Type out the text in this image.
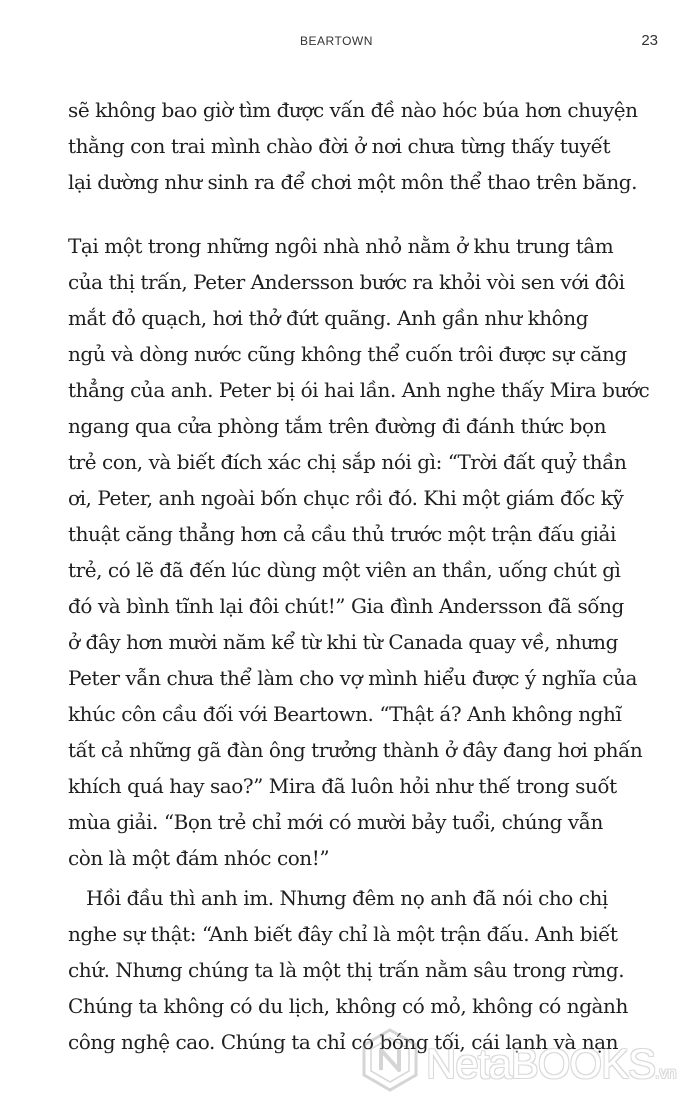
BEARTOWN	23
sẽ không bao giờ tìm được vấn đề nào hóc búa hơn chuyện
thằng con trai mình chào đời ở nơi chưa từng thấy tuyết
lại dường như sinh ra để chơi một môn thể thao trên băng.
Tại một trong những ngôi nhà nhỏ nằm ở khu trung tâm
của thị trấn, Peter Andersson bước ra khỏi vòi sen với đôi
mắt đỏ quạch, hơi thở đứt quãng. Anh gần như không
ngủ và dòng nước cũng không thể cuốn trôi được sự căng
thẳng của anh. Peter bị ói hai lần. Anh nghe thấy Mira bước
ngang qua cửa phòng tắm trên đường đi đánh thức bọn
trẻ con, và biết đích xác chị sắp nói gì: “Trời đất quỷ thần
ơi, Peter, anh ngoài bốn chục rồi đó. Khi một giám đốc kỹ
thuật căng thẳng hơn cả cầu thủ trước một trận đấu giải
trẻ, có lẽ đã đến lúc dùng một viên an thần, uống chút gì
đó và bình tĩnh lại đôi chút!” Gia đình Andersson đã sống
ở đây hơn mười năm kể từ khi từ Canada quay về, nhưng
Peter vẫn chưa thể làm cho vợ mình hiểu được ý nghĩa của
khúc côn cầu đối với Beartown. “Thật á? Anh không nghĩ
tất cả những gã đàn ông trưởng thành ở đây đang hơi phấn
khích quá hay sao?” Mira đã luôn hỏi như thế trong suốt
mùa giải. “Bọn trẻ chỉ mới có mười bảy tuổi, chúng vẫn
còn là một đám nhóc con!”
Hồi đầu thì anh im. Nhưng đêm nọ anh đã nói cho chị
nghe sự thật: “Anh biết đây chỉ là một trận đấu. Anh biết
chứ. Nhưng chúng ta là một thị trấn nằm sâu trong rừng.
Chúng ta không có du lịch, không có mỏ, không có ngành
công nghệ cao. Chúng ta chỉ có bóng tối, cái lạnh và nạn
NetaBOOKS.vn
